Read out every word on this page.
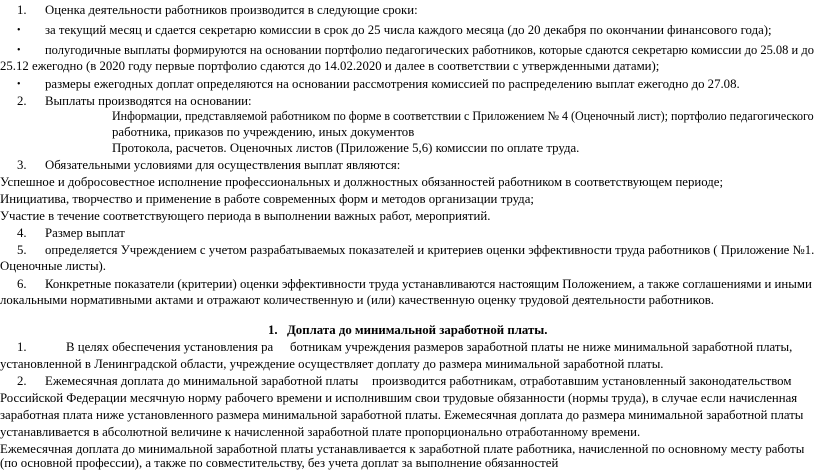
1. Оценка деятельности работников производится в следующие сроки:
• за текущий месяц и сдается секретарю комиссии в срок до 25 числа каждого месяца (до 20 декабря по окончании финансового года);
• полугодичные выплаты формируются на основании портфолио педагогических работников, которые сдаются секретарю комиссии до 25.08 и до
25.12 ежегодно (в 2020 году первые портфолио сдаются до 14.02.2020 и далее в соответствии с утвержденными датами);
• размеры ежегодных доплат определяются на основании рассмотрения комиссией по распределению выплат ежегодно до 27.08.
2. Выплаты производятся на основании:
Информации, представляемой работником по форме в соответствии с Приложением № 4 (Оценочный лист); портфолио педагогического
работника, приказов по учреждению, иных документов
Протокола, расчетов. Оценочных листов (Приложение 5,6) комиссии по оплате труда.
3. Обязательными условиями для осуществления выплат являются:
Успешное и добросовестное исполнение профессиональных и должностных обязанностей работником в соответствующем периоде;
Инициатива, творчество и применение в работе современных форм и методов организации труда;
Участие в течение соответствующего периода в выполнении важных работ, мероприятий.
4. Размер выплат
5. определяется Учреждением с учетом разрабатываемых показателей и критериев оценки эффективности труда работников ( Приложение №1.
Оценочные листы).
6. Конкретные показатели (критерии) оценки эффективности труда устанавливаются настоящим Положением, а также соглашениями и иными
локальными нормативными актами и отражают количественную и (или) качественную оценку трудовой деятельности работников.
1. Доплата до минимальной заработной платы.
1.	В целях обеспечения установления ра ботникам учреждения размеров заработной платы не ниже минимальной заработной платы,
установленной в Ленинградской области, учреждение осуществляет доплату до размера минимальной заработной платы.
2. Ежемесячная доплата до минимальной заработной платы производится работникам, отработавшим установленный законодательством
Российской Федерации месячную норму рабочего времени и исполнившим свои трудовые обязанности (нормы труда), в случае если начисленная
заработная плата ниже установленного размера минимальной заработной платы. Ежемесячная доплата до размера минимальной заработной платы
устанавливается в абсолютной величине к начисленной заработной плате пропорционально отработанному времени.
Ежемесячная доплата до минимальной заработной платы устанавливается к заработной плате работника, начисленной по основному месту работы
(по основной профессии), а также по совместительству, без учета доплат за выполнение обязанностей
